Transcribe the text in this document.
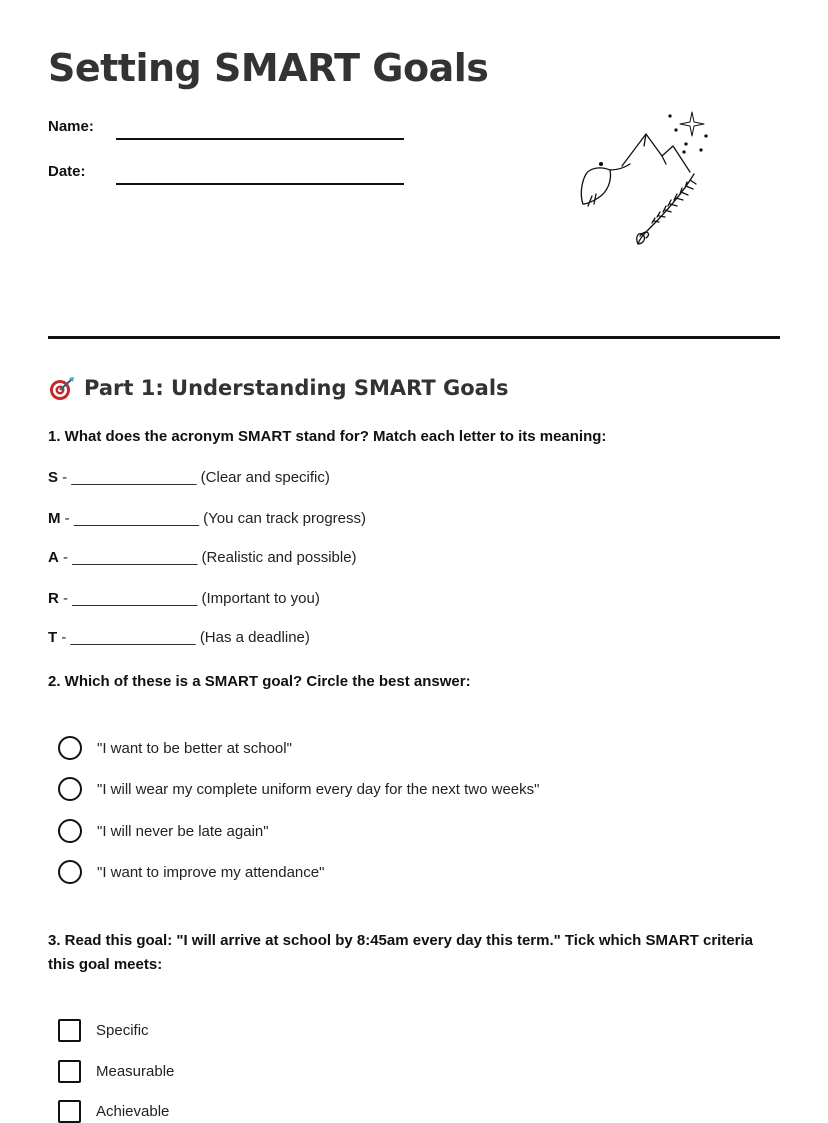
Setting SMART Goals
Name:
Date:
Part 1: Understanding SMART Goals
1. What does the acronym SMART stand for? Match each letter to its meaning:
S - _______________ (Clear and specific)
M - _______________ (You can track progress)
A - _______________ (Realistic and possible)
R - _______________ (Important to you)
T - _______________ (Has a deadline)
2. Which of these is a SMART goal? Circle the best answer:
"I want to be better at school"
"I will wear my complete uniform every day for the next two weeks"
"I will never be late again"
"I want to improve my attendance"
3. Read this goal: "I will arrive at school by 8:45am every day this term." Tick which SMART criteria this goal meets:
Specific
Measurable
Achievable
